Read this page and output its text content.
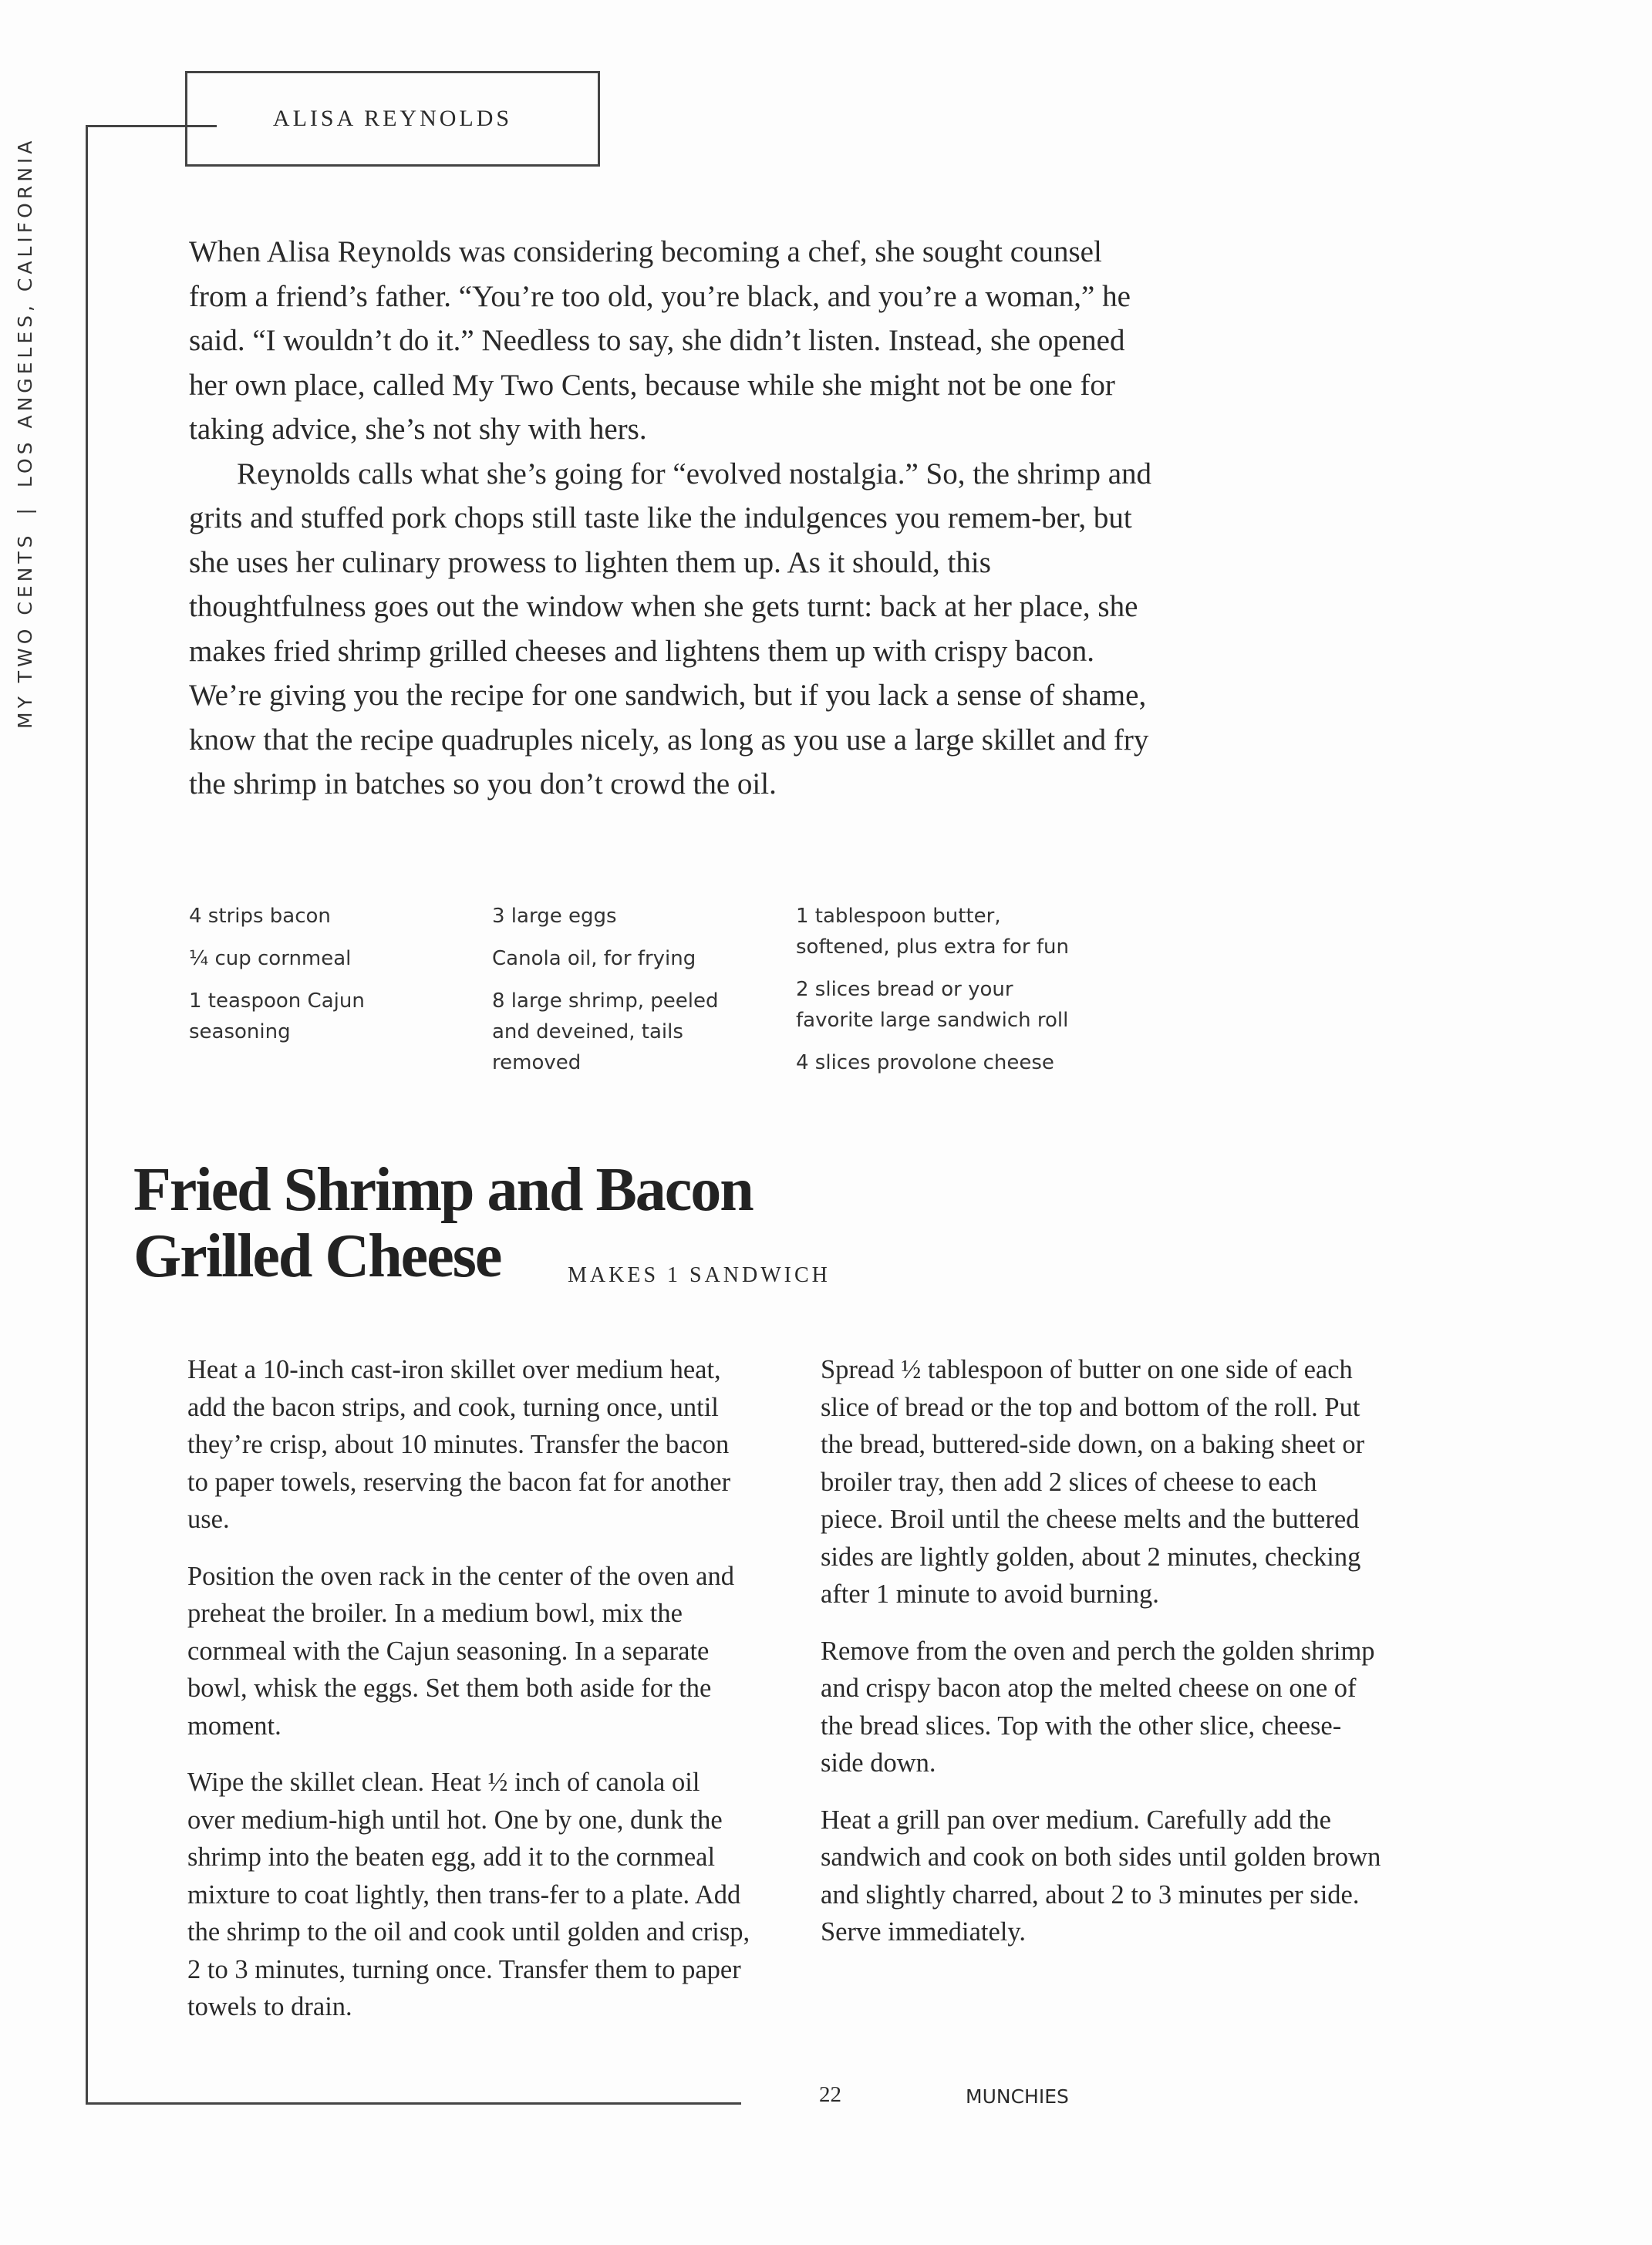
MY TWO CENTS|LOS ANGELES, CALIFORNIA
ALISA REYNOLDS

When Alisa Reynolds was considering becoming a chef, she sought counsel from a friend’s father. “You’re too old, you’re black, and you’re a woman,” he said. “I wouldn’t do it.” Needless to say, she didn’t listen. Instead, she opened her own place, called My Two Cents, because while she might not be one for taking advice, she’s not shy with hers.

Reynolds calls what she’s going for “evolved nostalgia.” So, the shrimp and grits and stuffed pork chops still taste like the indulgences you remem-ber, but she uses her culinary prowess to lighten them up. As it should, this thoughtfulness goes out the window when she gets turnt: back at her place, she makes fried shrimp grilled cheeses and lightens them up with crispy bacon. We’re giving you the recipe for one sandwich, but if you lack a sense of shame, know that the recipe quadruples nicely, as long as you use a large skillet and fry the shrimp in batches so you don’t crowd the oil.

4 strips bacon
¼ cup cornmeal
1 teaspoon Cajun seasoning
3 large eggs
Canola oil, for frying
8 large shrimp, peeled and deveined, tails removed
1 tablespoon butter, softened, plus extra for fun
2 slices bread or your favorite large sandwich roll
4 slices provolone cheese
Fried Shrimp and Bacon
Grilled Cheese	MAKES 1 SANDWICH

Heat a 10-inch cast-iron skillet over medium heat, add the bacon strips, and cook, turning once, until they’re crisp, about 10 minutes. Transfer the bacon to paper towels, reserving the bacon fat for another use.

Position the oven rack in the center of the oven and preheat the broiler. In a medium bowl, mix the cornmeal with the Cajun seasoning. In a separate bowl, whisk the eggs. Set them both aside for the moment.

Wipe the skillet clean. Heat ½ inch of canola oil over medium-high until hot. One by one, dunk the shrimp into the beaten egg, add it to the cornmeal mixture to coat lightly, then trans-fer to a plate. Add the shrimp to the oil and cook until golden and crisp, 2 to 3 minutes, turning once. Transfer them to paper towels to drain.

Spread ½ tablespoon of butter on one side of each slice of bread or the top and bottom of the roll. Put the bread, buttered-side down, on a baking sheet or broiler tray, then add 2 slices of cheese to each piece. Broil until the cheese melts and the buttered sides are lightly golden, about 2 minutes, checking after 1 minute to avoid burning.

Remove from the oven and perch the golden shrimp and crispy bacon atop the melted cheese on one of the bread slices. Top with the other slice, cheese-side down.

Heat a grill pan over medium. Carefully add the sandwich and cook on both sides until golden brown and slightly charred, about 2 to 3 minutes per side. Serve immediately.

22	MUNCHIES
